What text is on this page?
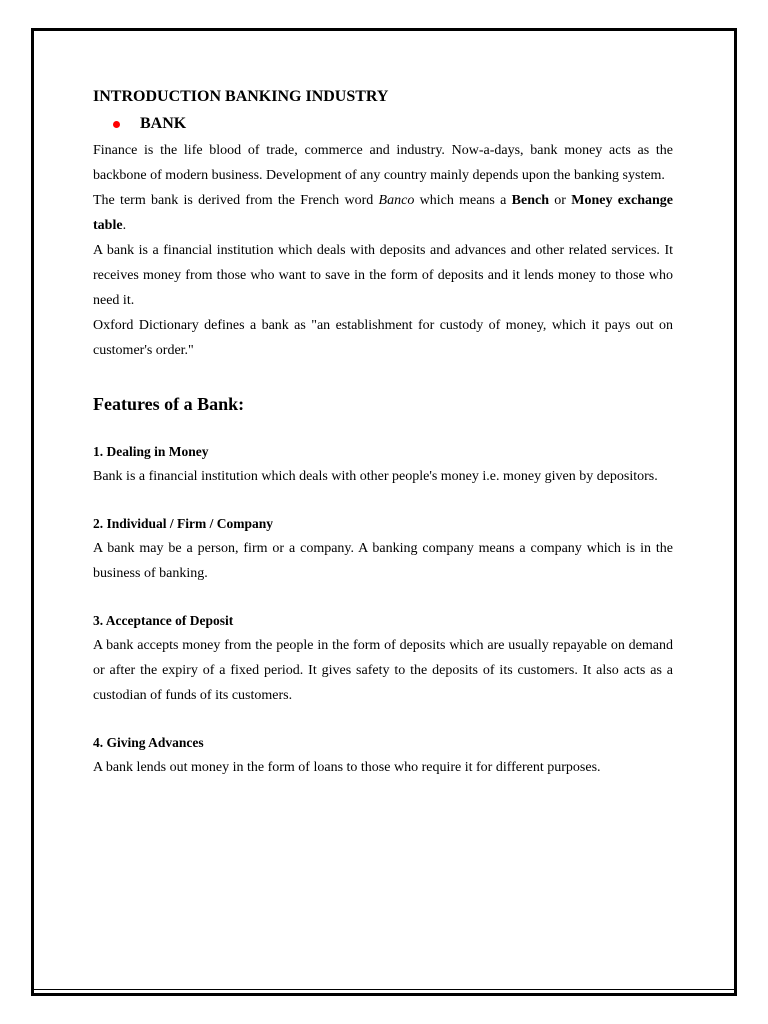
INTRODUCTION BANKING INDUSTRY
BANK

Finance is the life blood of trade, commerce and industry. Now-a-days, bank money acts as the backbone of modern business. Development of any country mainly depends upon the banking system.

The term bank is derived from the French word Banco which means a Bench or Money exchange table.

A bank is a financial institution which deals with deposits and advances and other related services. It receives money from those who want to save in the form of deposits and it lends money to those who need it.

Oxford Dictionary defines a bank as "an establishment for custody of money, which it pays out on customer's order."

Features of a Bank:

1. Dealing in Money

Bank is a financial institution which deals with other people's money i.e. money given by depositors.

2. Individual / Firm / Company

A bank may be a person, firm or a company. A banking company means a company which is in the business of banking.

3. Acceptance of Deposit

A bank accepts money from the people in the form of deposits which are usually repayable on demand or after the expiry of a fixed period. It gives safety to the deposits of its customers. It also acts as a custodian of funds of its customers.

4. Giving Advances

A bank lends out money in the form of loans to those who require it for different purposes.
